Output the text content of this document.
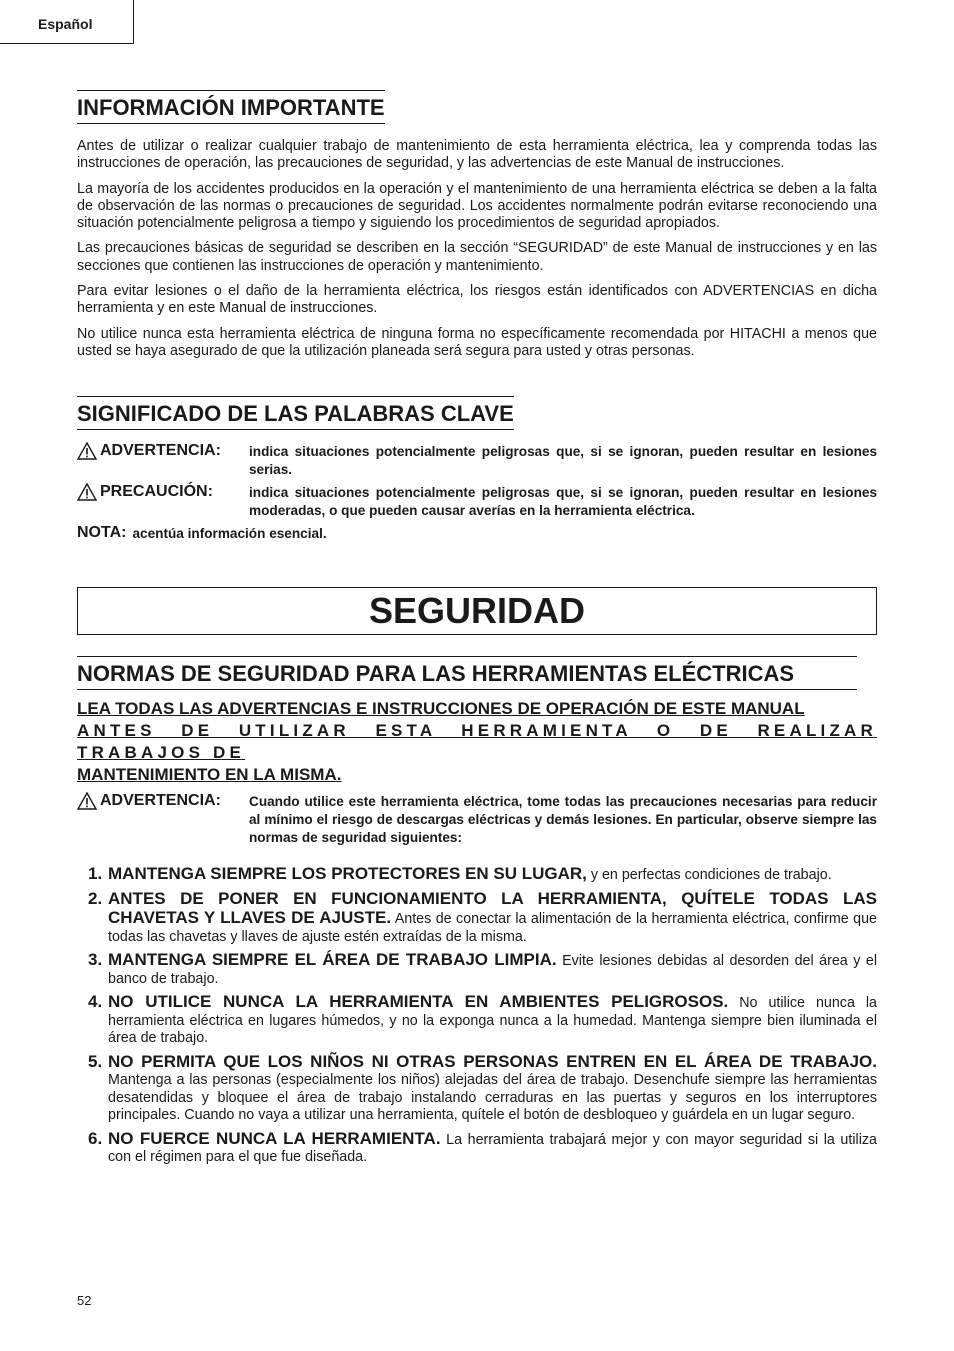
Español
INFORMACIÓN IMPORTANTE

Antes de utilizar o realizar cualquier trabajo de mantenimiento de esta herramienta eléctrica, lea y comprenda todas las instrucciones de operación, las precauciones de seguridad, y las advertencias de este Manual de instrucciones.

La mayoría de los accidentes producidos en la operación y el mantenimiento de una herramienta eléctrica se deben a la falta de observación de las normas o precauciones de seguridad. Los accidentes normalmente podrán evitarse reconociendo una situación potencialmente peligrosa a tiempo y siguiendo los procedimientos de seguridad apropiados.

Las precauciones básicas de seguridad se describen en la sección “SEGURIDAD” de este Manual de instrucciones y en las secciones que contienen las instrucciones de operación y mantenimiento.

Para evitar lesiones o el daño de la herramienta eléctrica, los riesgos están identificados con ADVERTENCIAS en dicha herramienta y en este Manual de instrucciones.

No utilice nunca esta herramienta eléctrica de ninguna forma no específicamente recomendada por HITACHI a menos que usted se haya asegurado de que la utilización planeada será segura para usted y otras personas.

SIGNIFICADO DE LAS PALABRAS CLAVE
ADVERTENCIA: indica situaciones potencialmente peligrosas que, si se ignoran, pueden resultar en lesiones serias.
PRECAUCIÓN:	indica situaciones potencialmente peligrosas que, si se ignoran, pueden resultar en lesiones moderadas, o que pueden causar averías en la herramienta eléctrica.
NOTA: acentúa información esencial.
SEGURIDAD
NORMAS DE SEGURIDAD PARA LAS HERRAMIENTAS ELÉCTRICAS
LEA TODAS LAS ADVERTENCIAS E INSTRUCCIONES DE OPERACIÓN DE ESTE MANUAL
ANTES DE UTILIZAR ESTA HERRAMIENTA O DE REALIZAR TRABAJOS DE
MANTENIMIENTO EN LA MISMA.
ADVERTENCIA: Cuando utilice este herramienta eléctrica, tome todas las precauciones necesarias para reducir al mínimo el riesgo de descargas eléctricas y demás lesiones. En particular, observe siempre las normas de seguridad siguientes:
1. MANTENGA SIEMPRE LOS PROTECTORES EN SU LUGAR, y en perfectas condiciones de trabajo.
2. ANTES DE PONER EN FUNCIONAMIENTO LA HERRAMIENTA, QUÍTELE TODAS LAS CHAVETAS Y LLAVES DE AJUSTE. Antes de conectar la alimentación de la herramienta eléctrica, confirme que todas las chavetas y llaves de ajuste estén extraídas de la misma.
3. MANTENGA SIEMPRE EL ÁREA DE TRABAJO LIMPIA. Evite lesiones debidas al desorden del área y el banco de trabajo.
4. NO UTILICE NUNCA LA HERRAMIENTA EN AMBIENTES PELIGROSOS. No utilice nunca la herramienta eléctrica en lugares húmedos, y no la exponga nunca a la humedad. Mantenga siempre bien iluminada el área de trabajo.
5. NO PERMITA QUE LOS NIÑOS NI OTRAS PERSONAS ENTREN EN EL ÁREA DE TRABAJO. Mantenga a las personas (especialmente los niños) alejadas del área de trabajo. Desenchufe siempre las herramientas desatendidas y bloquee el área de trabajo instalando cerraduras en las puertas y seguros en los interruptores principales. Cuando no vaya a utilizar una herramienta, quítele el botón de desbloqueo y guárdela en un lugar seguro.
6. NO FUERCE NUNCA LA HERRAMIENTA. La herramienta trabajará mejor y con mayor seguridad si la utiliza con el régimen para el que fue diseñada.
52
